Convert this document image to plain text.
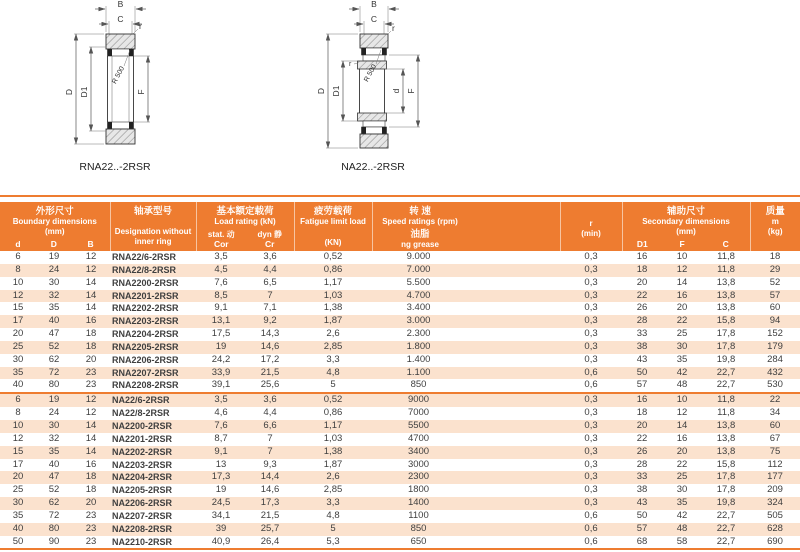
B
C
r
R 500
D D1	F
RNA22..-2RSR
B
C
r
r R 500
D D1	d F
NA22..-2RSR
外形尺寸
Boundary dimensions
(mm)
d	D	B

轴承型号
Designation without
inner ring

基本额定载荷
Load rating (kN)
stat. 动
Cor
dyn 静
Cr

疲劳载荷
Fatigue limit load
(KN)

转 速
Speed ratings (rpm)
油脂
ng grease

r
(min)

辅助尺寸
Secondary dimensions
(mm)
D1	F	C

质量
m
(kg)

6	19	12	RNA22/6-2RSR	3,5	3,6	0,52	9.000	0,3	16	10	11,8	18
8	24	12	RNA22/8-2RSR	4,5	4,4	0,86	7.000	0,3	18	12	11,8	29
10	30	14	RNA2200-2RSR	7,6	6,5	1,17	5.500	0,3	20	14	13,8	52
12	32	14	RNA2201-2RSR	8,5	7	1,03	4.700	0,3	22	16	13,8	57
15	35	14	RNA2202-2RSR	9,1	7,1	1,38	3.400	0,3	26	20	13,8	60
17	40	16	RNA2203-2RSR	13,1	9,2	1,87	3.000	0,3	28	22	15,8	94
20	47	18	RNA2204-2RSR	17,5	14,3	2,6	2.300	0,3	33	25	17,8	152
25	52	18	RNA2205-2RSR	19	14,6	2,85	1.800	0,3	38	30	17,8	179
30	62	20	RNA2206-2RSR	24,2	17,2	3,3	1.400	0,3	43	35	19,8	284
35	72	23	RNA2207-2RSR	33,9	21,5	4,8	1.100	0,6	50	42	22,7	432
40	80	23	RNA2208-2RSR	39,1	25,6	5	850	0,6	57	48	22,7	530
6	19	12	NA22/6-2RSR	3,5	3,6	0,52	9000	0,3	16	10	11,8	22
8	24	12	NA22/8-2RSR	4,6	4,4	0,86	7000	0,3	18	12	11,8	34
10	30	14	NA2200-2RSR	7,6	6,6	1,17	5500	0,3	20	14	13,8	60
12	32	14	NA2201-2RSR	8,7	7	1,03	4700	0,3	22	16	13,8	67
15	35	14	NA2202-2RSR	9,1	7	1,38	3400	0,3	26	20	13,8	75
17	40	16	NA2203-2RSR	13	9,3	1,87	3000	0,3	28	22	15,8	112
20	47	18	NA2204-2RSR	17,3	14,4	2,6	2300	0,3	33	25	17,8	177
25	52	18	NA2205-2RSR	19	14,6	2,85	1800	0,3	38	30	17,8	209
30	62	20	NA2206-2RSR	24,5	17,3	3,3	1400	0,3	43	35	19,8	324
35	72	23	NA2207-2RSR	34,1	21,5	4,8	1100	0,6	50	42	22,7	505
40	80	23	NA2208-2RSR	39	25,7	5	850	0,6	57	48	22,7	628
50	90	23	NA2210-2RSR	40,9	26,4	5,3	650	0,6	68	58	22,7	690
